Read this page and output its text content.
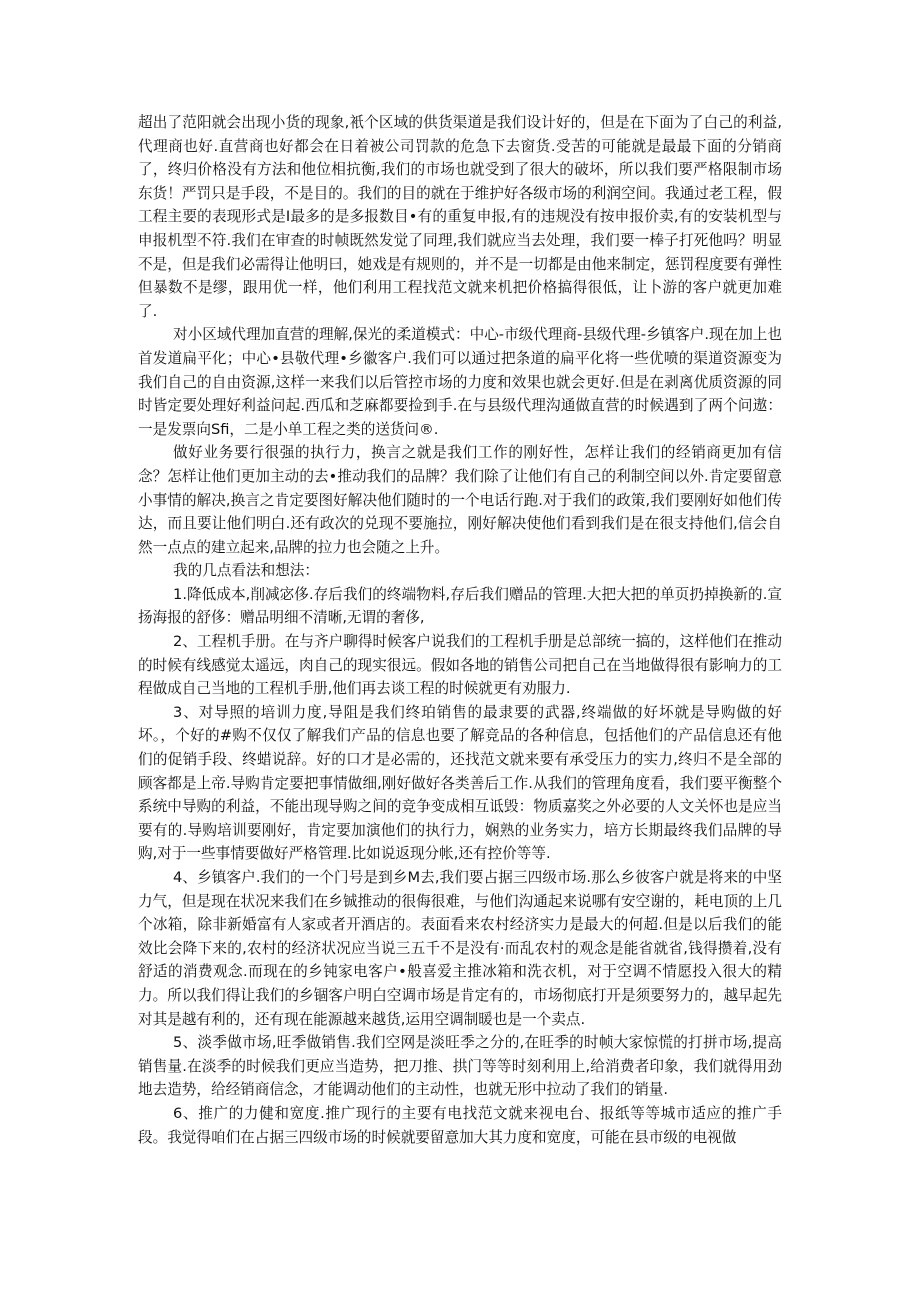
超出了范阳就会出现小货的现象,衹个区域的供货渠道是我们设计好的，但是在下面为了白己的利益,代理商也好.直营商也好都会在日着被公司罚款的危急下去窗货.受苦的可能就是最最下面的分销商了，终归价格没有方法和他位相抗衡,我们的市场也就受到了很大的破坏，所以我们要严格限制市场东货！严罚只是手段，不是目的。我们的目的就在于维护好各级市场的利润空间。我通过老工程，假工程主要的表现形式是Ⅰ最多的是多报数目•有的重复申报,有的违规没有按申报价卖,有的安装机型与申报机型不符.我们在审查的时帧既然发觉了同理,我们就应当去处理，我们要一棒子打死他吗？明显不是，但是我们必需得让他明曰，她戏是有规则的，并不是一切都是由他来制定，惩罚程度要有弹性但暴数不是缪，跟用优一样，他们利用工程找范文就来机把价格搞得很低，让卜游的客户就更加难了.

对小区域代理加直营的理解,保光的柔道模式：中心-市级代理商-县级代理-乡镇客户.现在加上也首发道扁平化；中心•县敬代理•乡徽客户.我们可以通过把条道的扁平化将一些优喷的渠道资源变为我们自己的自由资源,这样一来我们以后管控市场的力度和效果也就会更好.但是在剥离优质资源的同时皆定要处理好利益问起.西瓜和芝麻都要捡到手.在与县级代理沟通做直营的时候遇到了两个问遨：一是发票向Sfi，二是小单工程之类的送货问®.

做好业务要行很强的执行力，换言之就是我们工作的刚好性，怎样让我们的经销商更加有信念？怎样让他们更加主动的去•推动我们的品牌？我们除了让他们有自己的利制空间以外.肯定要留意小事情的解决,换言之肯定要图好解决他们随时的一个电话行跑.对于我们的政策,我们要刚好如他们传达，而且要让他们明白.还有政次的兑现不要施拉，刚好解决使他们看到我们是在很支持他们,信会自然一点点的建立起来,品牌的拉力也会随之上升。

我的几点看法和想法：

1.降低成本,削减宓侈.存后我们的终端物料,存后我们赠品的管理.大把大把的单页扔掉换新的.宣扬海报的舒侈：赠品明细不清晰,无谓的奢侈,

2、工程机手册。在与齐户聊得时候客户说我们的工程机手册是总部统一搞的，这样他们在推动的时候有线感觉太遥远，肉自己的现实很远。假如各地的销售公司把自己在当地做得很有影响力的工程做成自己当地的工程机手册,他们再去谈工程的时候就更有劝服力.

3、对导照的培训力度,导阻是我们终珀销售的最隶要的武器,终端做的好坏就是导购做的好坏。，个好的#购不仅仅了解我们产品的信息也要了解竞品的各种信息，包括他们的产品信息还有他们的促销手段、终蜡说辞。好的口才是必需的，还找范文就来要有承受压力的实力,终归不是全部的顾客都是上帝.导购肯定要把事情做细,刚好做好各类善后工作.从我们的管理角度看，我们要平衡整个系统中导购的利益，不能出现导购之间的竞争变成相互诋毁：物质嘉奖之外必要的人文关怀也是应当要有的.导购培训要刚好，肯定要加演他们的执行力，娴熟的业务实力，培方长期最终我们品牌的导购,对于一些事情要做好严格管理.比如说返现分帐,还有控价等等.

4、乡镇客户.我们的一个门号是到乡M去,我们要占据三四级市场.那么乡彼客户就是将来的中坚力气，但是现在状况来我们在乡铖推动的很侮很难，与他们沟通起来说哪有安空谢的，耗电顶的上几个冰箱，除非新婚富有人家或者开酒店的。表面看来农村经济实力是最大的何超.但是以后我们的能效比会降下来的,农村的经济状况应当说三五千不是没有·而乱农村的观念是能省就省,钱得攒着,没有舒适的消费观念.而现在的乡钝家电客户•般喜爱主推冰箱和洗衣机，对于空调不情愿投入很大的精力。所以我们得让我们的乡锢客户明白空调市场是肯定有的，市场彻底打开是须要努力的，越早起先对其是越有利的，还有现在能源越来越货,运用空调制暖也是一个卖点.

5、淡季做市场,旺季做销售.我们空网是淡旺季之分的,在旺季的时帧大家惊慌的打拼市场,提高销售量.在淡季的时候我们更应当造势，把刀推、拱门等等时刻利用上,给消费者印象，我们就得用劲地去造势，给经销商信念，才能调动他们的主动性，也就无形中拉动了我们的销量.

6、推广的力健和宽度.推广现行的主要有电找范文就来视电台、报纸等等城市适应的推广手段。我觉得咱们在占据三四级市场的时候就要留意加大其力度和宽度，可能在县市级的电视做
